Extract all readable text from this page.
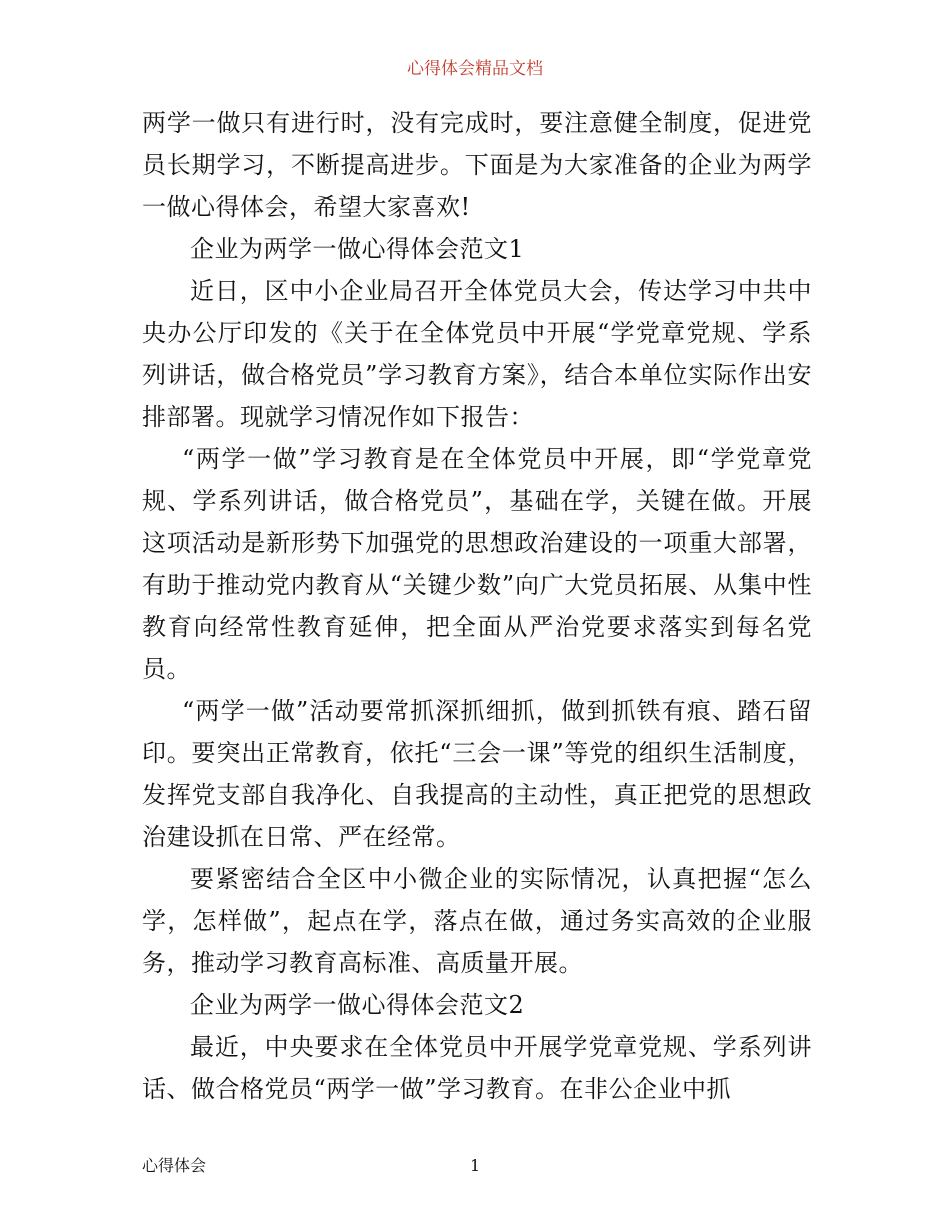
心得体会精品文档

两学一做只有进行时，没有完成时，要注意健全制度，促进党员长期学习，不断提高进步。下面是为大家准备的企业为两学一做心得体会，希望大家喜欢!

企业为两学一做心得体会范文1

近日，区中小企业局召开全体党员大会，传达学习中共中央办公厅印发的《关于在全体党员中开展“学党章党规、学系列讲话，做合格党员”学习教育方案》，结合本单位实际作出安排部署。现就学习情况作如下报告：

“两学一做”学习教育是在全体党员中开展，即“学党章党规、学系列讲话，做合格党员”，基础在学，关键在做。开展这项活动是新形势下加强党的思想政治建设的一项重大部署，有助于推动党内教育从“关键少数”向广大党员拓展、从集中性教育向经常性教育延伸，把全面从严治党要求落实到每名党员。

“两学一做”活动要常抓深抓细抓，做到抓铁有痕、踏石留印。要突出正常教育，依托“三会一课”等党的组织生活制度，发挥党支部自我净化、自我提高的主动性，真正把党的思想政治建设抓在日常、严在经常。

要紧密结合全区中小微企业的实际情况，认真把握“怎么学，怎样做”，起点在学，落点在做，通过务实高效的企业服务，推动学习教育高标准、高质量开展。

企业为两学一做心得体会范文2

最近，中央要求在全体党员中开展学党章党规、学系列讲话、做合格党员“两学一做”学习教育。在非公企业中抓

心得体会	1
